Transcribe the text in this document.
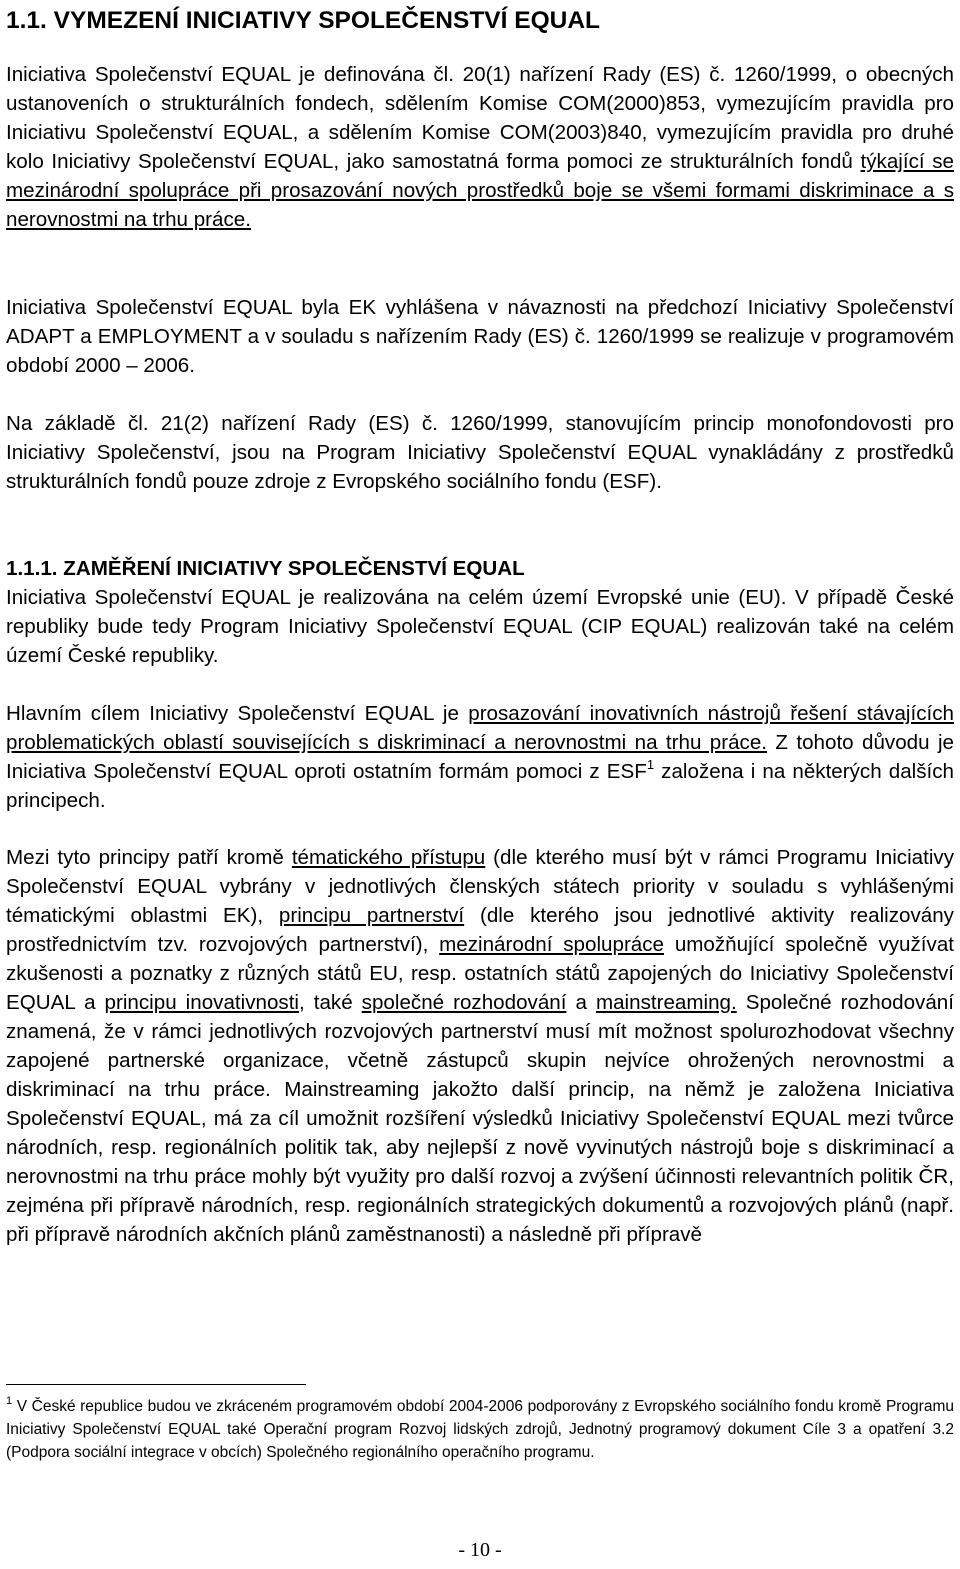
1.1. VYMEZENÍ INICIATIVY SPOLEČENSTVÍ EQUAL
Iniciativa Společenství EQUAL je definována čl. 20(1) nařízení Rady (ES) č. 1260/1999, o obecných ustanoveních o strukturálních fondech, sdělením Komise COM(2000)853, vymezujícím pravidla pro Iniciativu Společenství EQUAL, a sdělením Komise COM(2003)840, vymezujícím pravidla pro druhé kolo Iniciativy Společenství EQUAL, jako samostatná forma pomoci ze strukturálních fondů týkající se mezinárodní spolupráce při prosazování nových prostředků boje se všemi formami diskriminace a s nerovnostmi na trhu práce.
Iniciativa Společenství EQUAL byla EK vyhlášena v návaznosti na předchozí Iniciativy Společenství ADAPT a EMPLOYMENT a v souladu s nařízením Rady (ES) č. 1260/1999 se realizuje v programovém období 2000 – 2006.
Na základě čl. 21(2) nařízení Rady (ES) č. 1260/1999, stanovujícím princip monofondovosti pro Iniciativy Společenství, jsou na Program Iniciativy Společenství EQUAL vynakládány z prostředků strukturálních fondů pouze zdroje z Evropského sociálního fondu (ESF).
1.1.1. ZAMĚŘENÍ INICIATIVY SPOLEČENSTVÍ EQUAL
Iniciativa Společenství EQUAL je realizována na celém území Evropské unie (EU). V případě České republiky bude tedy Program Iniciativy Společenství EQUAL (CIP EQUAL) realizován také na celém území České republiky.
Hlavním cílem Iniciativy Společenství EQUAL je prosazování inovativních nástrojů řešení stávajících problematických oblastí souvisejících s diskriminací a nerovnostmi na trhu práce. Z tohoto důvodu je Iniciativa Společenství EQUAL oproti ostatním formám pomoci z ESF$^1$ založena i na některých dalších principech.
Mezi tyto principy patří kromě tématického přístupu (dle kterého musí být v rámci Programu Iniciativy Společenství EQUAL vybrány v jednotlivých členských státech priority v souladu s vyhlášenými tématickými oblastmi EK), principu partnerství (dle kterého jsou jednotlivé aktivity realizovány prostřednictvím tzv. rozvojových partnerství), mezinárodní spolupráce umožňující společně využívat zkušenosti a poznatky z různých států EU, resp. ostatních států zapojených do Iniciativy Společenství EQUAL a principu inovativnosti, také společné rozhodování a mainstreaming. Společné rozhodování znamená, že v rámci jednotlivých rozvojových partnerství musí mít možnost spolurozhodovat všechny zapojené partnerské organizace, včetně zástupců skupin nejvíce ohrožených nerovnostmi a diskriminací na trhu práce. Mainstreaming jakožto další princip, na němž je založena Iniciativa Společenství EQUAL, má za cíl umožnit rozšíření výsledků Iniciativy Společenství EQUAL mezi tvůrce národních, resp. regionálních politik tak, aby nejlepší z nově vyvinutých nástrojů boje s diskriminací a nerovnostmi na trhu práce mohly být využity pro další rozvoj a zvýšení účinnosti relevantních politik ČR, zejména při přípravě národních, resp. regionálních strategických dokumentů a rozvojových plánů (např. při přípravě národních akčních plánů zaměstnanosti) a následně při přípravě
$^1$ V České republice budou ve zkráceném programovém období 2004-2006 podporovány z Evropského sociálního fondu kromě Programu Iniciativy Společenství EQUAL také Operační program Rozvoj lidských zdrojů, Jednotný programový dokument Cíle 3 a opatření 3.2 (Podpora sociální integrace v obcích) Společného regionálního operačního programu.
- 10 -
